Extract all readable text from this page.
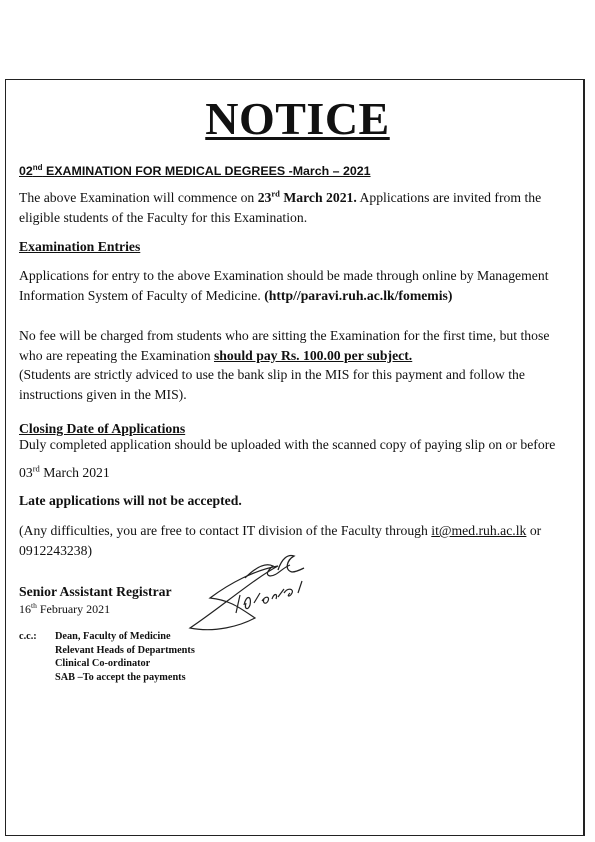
NOTICE
02nd EXAMINATION FOR MEDICAL DEGREES -March – 2021

The above Examination will commence on 23rd March 2021. Applications are invited from the eligible students of the Faculty for this Examination.

Examination Entries

Applications for entry to the above Examination should be made through online by Management Information System of Faculty of Medicine. (http//paravi.ruh.ac.lk/fomemis)

No fee will be charged from students who are sitting the Examination for the first time, but those who are repeating the Examination should pay Rs. 100.00 per subject.
(Students are strictly adviced to use the bank slip in the MIS for this payment and follow the instructions given in the MIS).

Closing Date of Applications

Duly completed application should be uploaded with the scanned copy of paying slip on or before

03rd March 2021

Late applications will not be accepted.

(Any difficulties, you are free to contact IT division of the Faculty through it@med.ruh.ac.lk or 0912243238)

Senior Assistant Registrar
16th February 2021
c.c.: Dean, Faculty of Medicine
Relevant Heads of Departments
Clinical Co-ordinator
SAB –To accept the payments
